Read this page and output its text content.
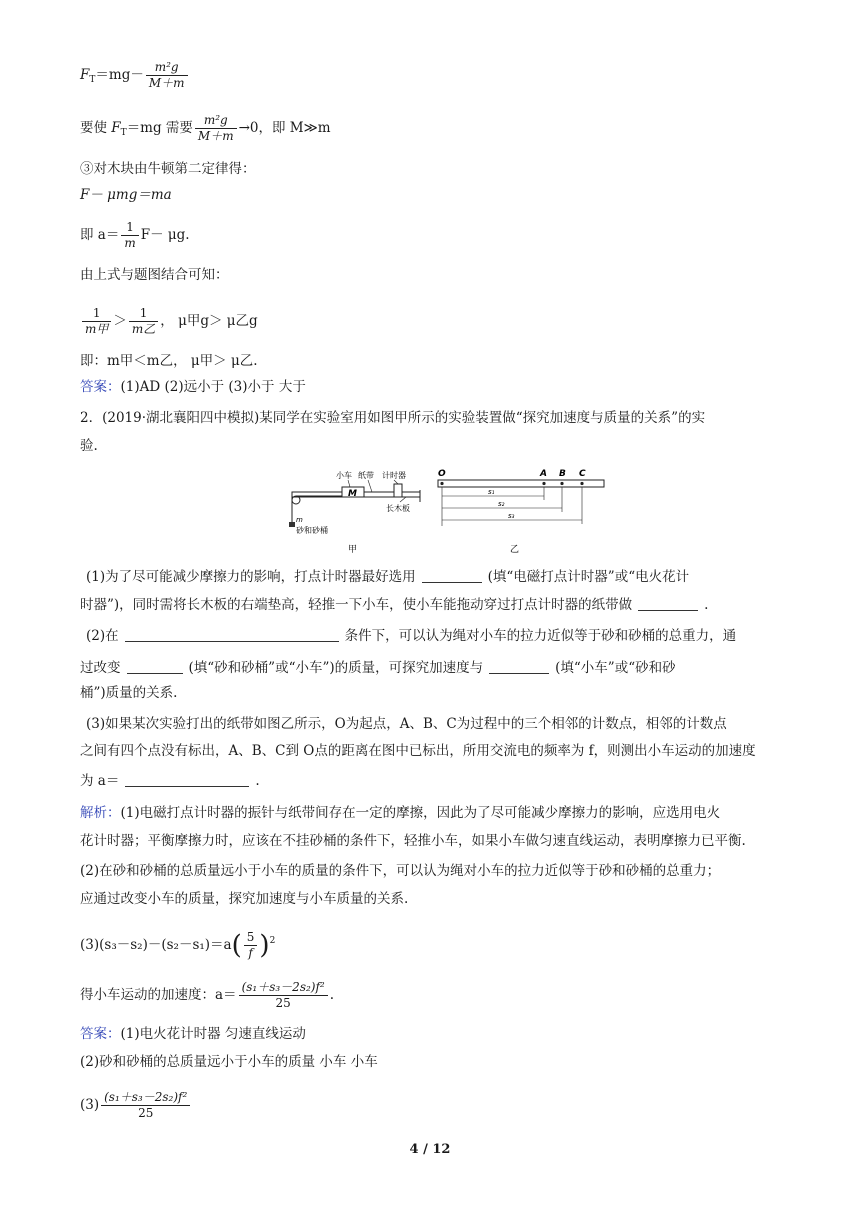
$F_T=mg- \frac{\text{m²g}}{M+m}$
要使 $F_T=mg$ 需要 $\frac{\text{m²g}}{M+m} \to 0$，即 M≫m
③对木块由牛顿第二定律得：
F－ μmg＝ma
即 $a= \frac{1}{m} F- \mu g$.
由上式与题图结合可知：
$\frac{1}{\text{m甲}} > \frac{1}{\text{m乙}}$ ， μ甲g＞ μ乙g
即：m甲＜m乙， μ甲＞ μ乙.
答案：(1)AD (2)远小于 (3)小于 大于
2．(2019·湖北襄阳四中模拟)某同学在实验室用如图甲所示的实验装置做“探究加速度与质量的关系”的实
验.
M
小车 纸带 计时器
长木板
m
砂和砂桶
甲
O	A B C
s₁
s₂
s₃
乙
(1)为了尽可能减少摩擦力的影响，打点计时器最好选用	(填“电磁打点计时器”或“电火花计
时器”)，同时需将长木板的右端垫高，轻推一下小车，使小车能拖动穿过打点计时器的纸带做	.
(2)在	条件下，可以认为绳对小车的拉力近似等于砂和砂桶的总重力，通
过改变	(填“砂和砂桶”或“小车”)的质量，可探究加速度与	(填“小车”或“砂和砂
桶”)质量的关系.
(3)如果某次实验打出的纸带如图乙所示，O为起点，A、B、C为过程中的三个相邻的计数点，相邻的计数点
之间有四个点没有标出，A、B、C到 O点的距离在图中已标出，所用交流电的频率为 f，则测出小车运动的加速度
为 a＝	.
解析：(1)电磁打点计时器的振针与纸带间存在一定的摩擦，因此为了尽可能减少摩擦力的影响，应选用电火
花计时器；平衡摩擦力时，应该在不挂砂桶的条件下，轻推小车，如果小车做匀速直线运动，表明摩擦力已平衡.
(2)在砂和砂桶的总质量远小于小车的质量的条件下，可以认为绳对小车的拉力近似等于砂和砂桶的总重力；
应通过改变小车的质量，探究加速度与小车质量的关系.
$(3)(s_3-s_2)-(s_2-s_1)=a( \frac{5}{f} )^2$
得小车运动的加速度：$a= \frac{\text{(s₁＋s₃－2s₂)f²}}{25}$ .
答案：(1)电火花计时器 匀速直线运动
(2)砂和砂桶的总质量远小于小车的质量 小车 小车
$(3) \frac{\text{(s₁＋s₃－2s₂)f²}}{25}$
4 / 12
